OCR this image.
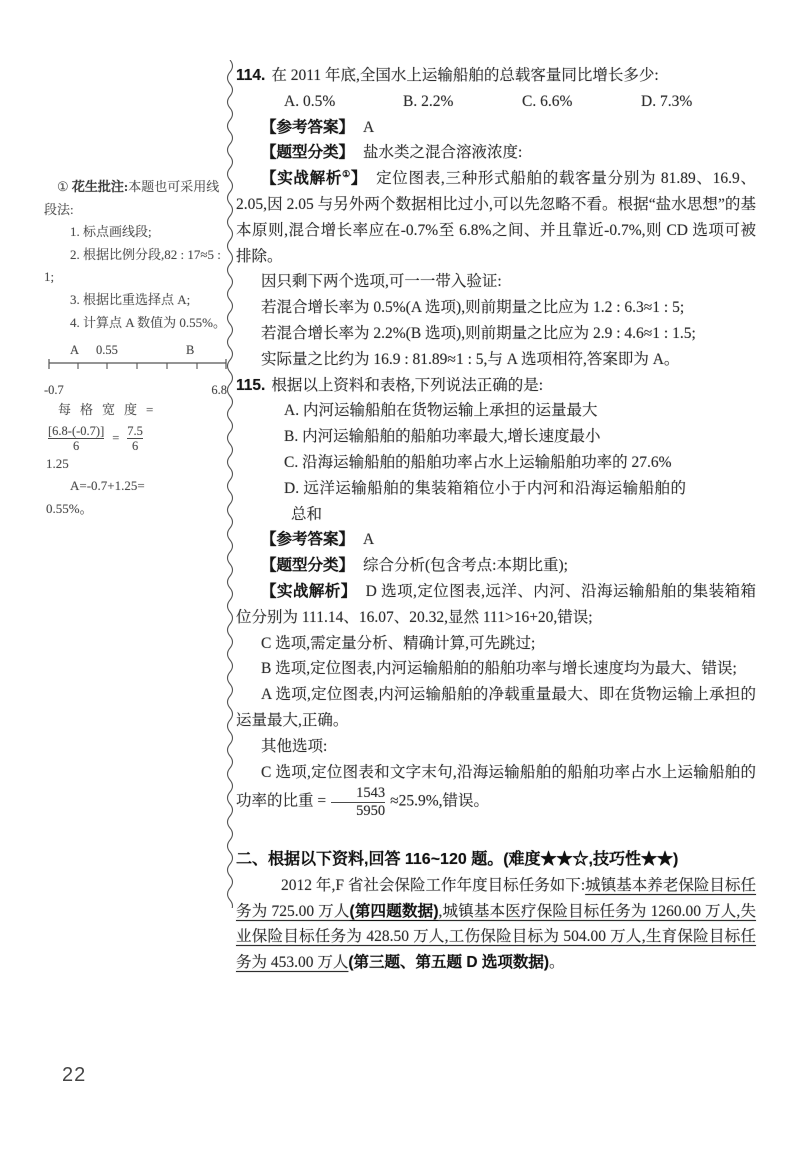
① 花生批注:本题也可采用线段法:

1. 标点画线段;

2. 根据比例分段,82 : 17≈5 : 1;

3. 根据比重选择点 A;

4. 计算点 A 数值为 0.55%。

A 0.55	B
-0.7	6.8

每格宽度=

$\frac{[6.8-(-0.7)]}{6} = \frac{7.5}{6}$

1.25

A=-0.7+1.25=

0.55%。

114. 在 2011 年底,全国水上运输船舶的总载客量同比增长多少:

A. 0.5%	B. 2.2%	C. 6.6%	D. 7.3%

【参考答案】 A

【题型分类】 盐水类之混合溶液浓度:

【实战解析①】 定位图表,三种形式船舶的载客量分别为 81.89、16.9、2.05,因 2.05 与另外两个数据相比过小,可以先忽略不看。根据“盐水思想”的基本原则,混合增长率应在-0.7%至 6.8%之间、并且靠近-0.7%,则 CD 选项可被排除。

因只剩下两个选项,可一一带入验证:

若混合增长率为 0.5%(A 选项),则前期量之比应为 1.2 : 6.3≈1 : 5;

若混合增长率为 2.2%(B 选项),则前期量之比应为 2.9 : 4.6≈1 : 1.5;

实际量之比约为 16.9 : 81.89≈1 : 5,与 A 选项相符,答案即为 A。

115. 根据以上资料和表格,下列说法正确的是:

A. 内河运输船舶在货物运输上承担的运量最大

B. 内河运输船舶的船舶功率最大,增长速度最小

C. 沿海运输船舶的船舶功率占水上运输船舶功率的 27.6%

D. 远洋运输船舶的集装箱箱位小于内河和沿海运输船舶的总和

【参考答案】 A

【题型分类】 综合分析(包含考点:本期比重);

【实战解析】 D 选项,定位图表,远洋、内河、沿海运输船舶的集装箱箱位分别为 111.14、16.07、20.32,显然 111>16+20,错误;

C 选项,需定量分析、精确计算,可先跳过;

B 选项,定位图表,内河运输船舶的船舶功率与增长速度均为最大、错误;

A 选项,定位图表,内河运输船舶的净载重量最大、即在货物运输上承担的运量最大,正确。

其他选项:

C 选项,定位图表和文字末句,沿海运输船舶的船舶功率占水上运输船舶的功率的比重 = $\frac{1543}{5950} \approx 25.9\%$,错误。

二、根据以下资料,回答 116~120 题。(难度★★☆,技巧性★★)

2012 年,F 省社会保险工作年度目标任务如下:城镇基本养老保险目标任务为 725.00 万人(第四题数据),城镇基本医疗保险目标任务为 1260.00 万人,失业保险目标任务为 428.50 万人,工伤保险目标为 504.00 万人,生育保险目标任务为 453.00 万人(第三题、第五题 D 选项数据)。

22
